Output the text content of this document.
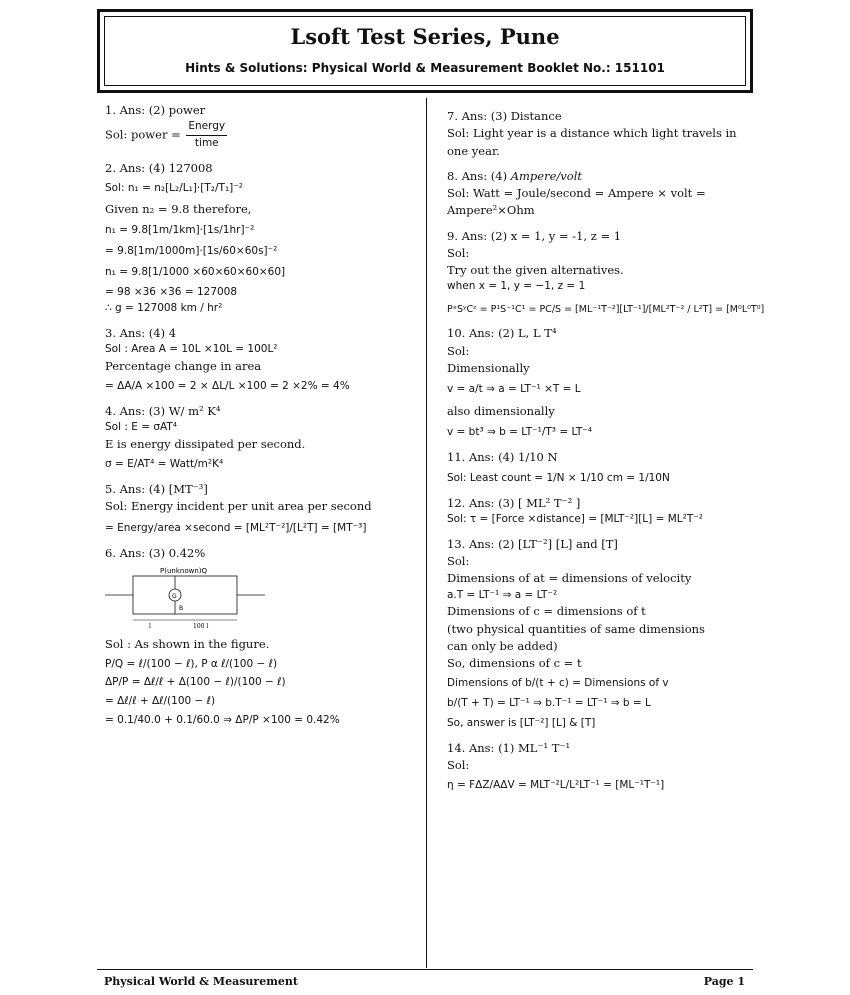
Lsoft Test Series, Pune
Hints & Solutions: Physical World & Measurement Booklet No.: 151101
1. Ans: (2) power
Sol: power = $\frac{\text{Energy}}{\text{time}}$
2. Ans: (4) 127008
Sol: n₁ = n₂[L₂/L₁]·[T₂/T₁]⁻²
Given n₂ = 9.8 therefore,
n₁ = 9.8[1m/1km]·[1s/1hr]⁻²
= 9.8[1m/1000m]·[1s/60×60s]⁻²
n₁ = 9.8[1/1000 ×60×60×60×60]
= 98 ×36 ×36 = 127008
∴ g = 127008 km / hr²
3. Ans: (4) 4
Sol : Area A = 10L ×10L = 100L²
Percentage change in area
= ΔA/A ×100 = 2 × ΔL/L ×100 = 2 ×2% = 4%
4. Ans: (3) W/ m² K⁴
Sol : E = σAT⁴
E is energy dissipated per second.
σ = E/AT⁴ = Watt/m²K⁴
5. Ans: (4) [MT⁻³]
Sol: Energy incident per unit area per second
= Energy/area ×second = [ML²T⁻²]/[L²T] = [MT⁻³]
6. Ans: (3) 0.42%
P(unknown)Q
G
B
l	100 l
Sol : As shown in the figure.
P/Q = ℓ/(100 − ℓ), P α ℓ/(100 − ℓ)
ΔP/P = Δℓ/ℓ + Δ(100 − ℓ)/(100 − ℓ)
= Δℓ/ℓ + Δℓ/(100 − ℓ)
= 0.1/40.0 + 0.1/60.0 ⇒ ΔP/P ×100 = 0.42%
7. Ans: (3) Distance
Sol: Light year is a distance which light travels in
one year.
8. Ans: (4) Ampere/volt
Sol: Watt = Joule/second = Ampere × volt =
Ampere²×Ohm
9. Ans: (2) x = 1, y = -1, z = 1
Sol:
Try out the given alternatives.
when x = 1, y = −1, z = 1
PˣSʸCᶻ = P¹S⁻¹C¹ = PC/S = [ML⁻¹T⁻²][LT⁻¹]/[ML²T⁻² / L²T] = [M⁰L⁰T⁰]
10. Ans: (2) L, L T⁴
Sol:
Dimensionally
v = a/t ⇒ a = LT⁻¹ ×T = L
also dimensionally
v = bt³ ⇒ b = LT⁻¹/T³ = LT⁻⁴
11. Ans: (4) 1/10 N
Sol: Least count = 1/N × 1/10 cm = 1/10N
12. Ans: (3) [ ML² T⁻² ]
Sol: τ = [Force ×distance] = [MLT⁻²][L] = ML²T⁻²
13. Ans: (2) [LT⁻²] [L] and [T]
Sol:
Dimensions of at = dimensions of velocity
a.T = LT⁻¹ ⇒ a = LT⁻²
Dimensions of c = dimensions of t
(two physical quantities of same dimensions
can only be added)
So, dimensions of c = t
Dimensions of b/(t + c) = Dimensions of v
b/(T + T) = LT⁻¹ ⇒ b.T⁻¹ = LT⁻¹ ⇒ b = L
So, answer is [LT⁻²] [L] & [T]
14. Ans: (1) ML⁻¹ T⁻¹
Sol:
η = FΔZ/AΔV = MLT⁻²L/L²LT⁻¹ = [ML⁻¹T⁻¹]
Physical World & Measurement	Page 1
